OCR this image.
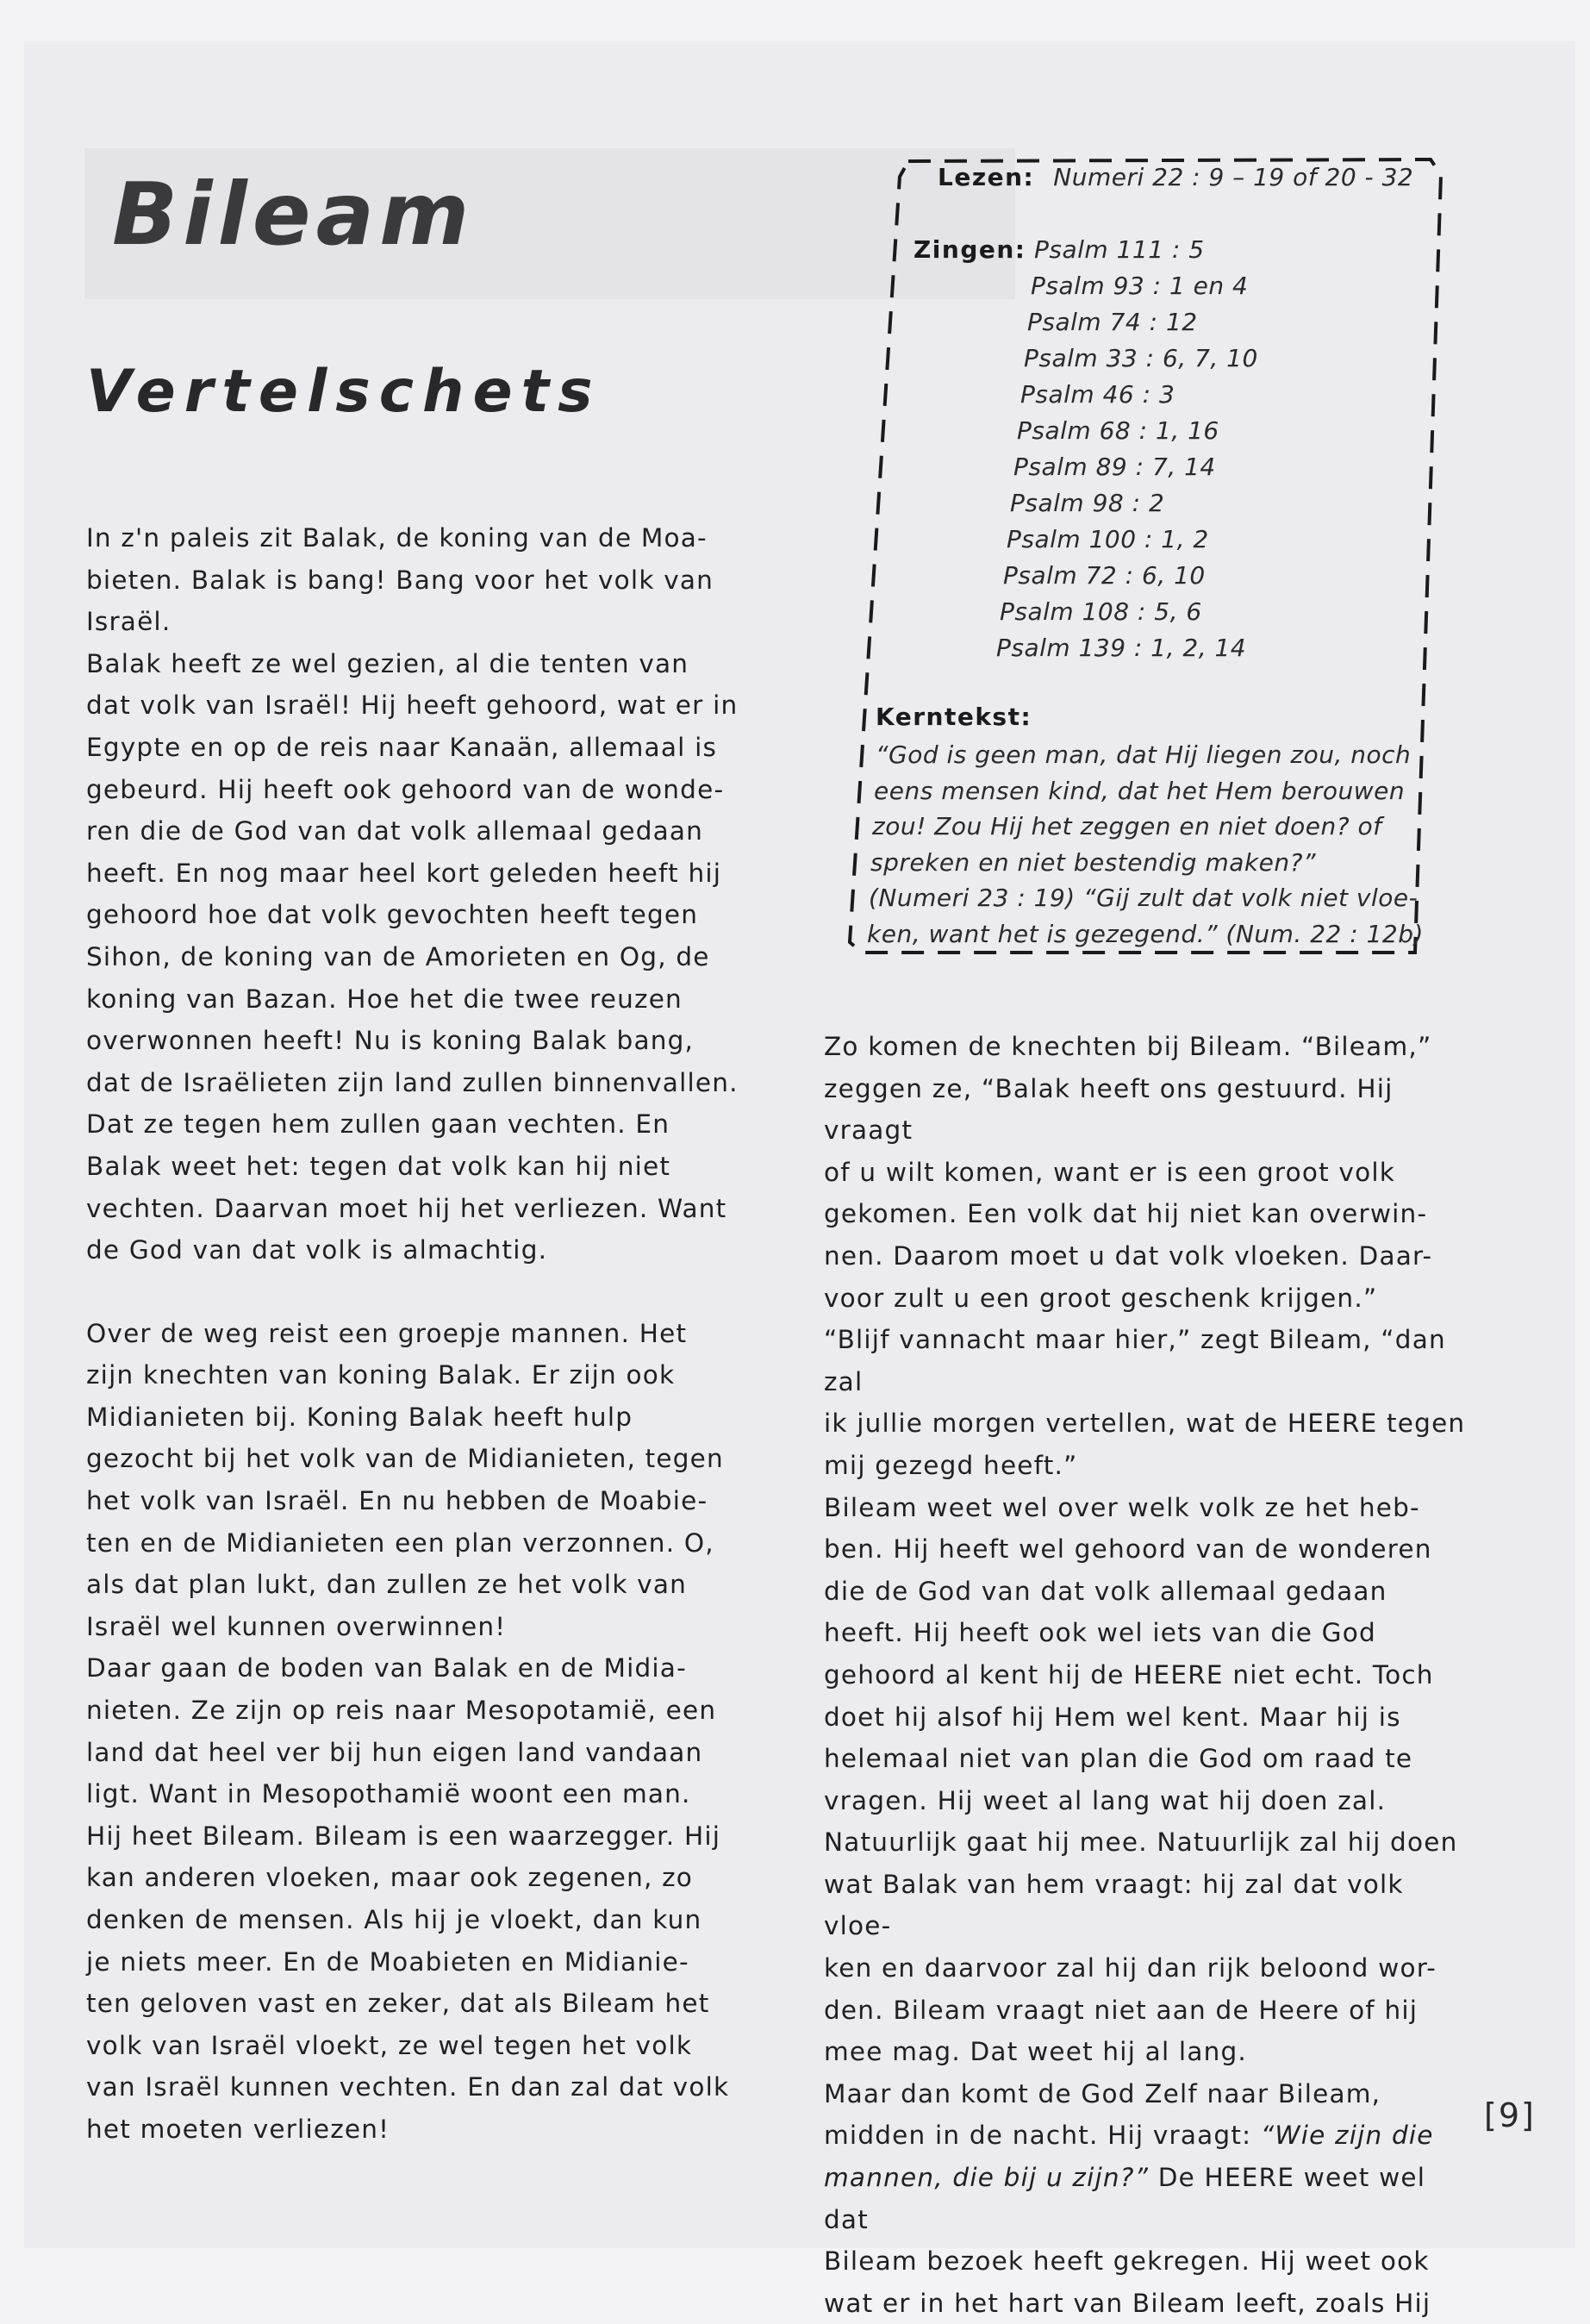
Bileam
Vertelschets
Lezen: Numeri 22 : 9 – 19 of 20 - 32
Zingen: Psalm 111 : 5
Psalm 93 : 1 en 4
Psalm 74 : 12
Psalm 33 : 6, 7, 10
Psalm 46 : 3
Psalm 68 : 1, 16
Psalm 89 : 7, 14
Psalm 98 : 2
Psalm 100 : 1, 2
Psalm 72 : 6, 10
Psalm 108 : 5, 6
Psalm 139 : 1, 2, 14
Kerntekst:
“God is geen man, dat Hij liegen zou, noch
eens mensen kind, dat het Hem berouwen
zou! Zou Hij het zeggen en niet doen? of
spreken en niet bestendig maken?”
(Numeri 23 : 19) “Gij zult dat volk niet vloe-
ken, want het is gezegend.” (Num. 22 : 12b)

In z'n paleis zit Balak, de koning van de Moa-

bieten. Balak is bang! Bang voor het volk van

Israël.

Balak heeft ze wel gezien, al die tenten van

dat volk van Israël! Hij heeft gehoord, wat er in

Egypte en op de reis naar Kanaän, allemaal is

gebeurd. Hij heeft ook gehoord van de wonde-

ren die de God van dat volk allemaal gedaan

heeft. En nog maar heel kort geleden heeft hij

gehoord hoe dat volk gevochten heeft tegen

Sihon, de koning van de Amorieten en Og, de

koning van Bazan. Hoe het die twee reuzen

overwonnen heeft! Nu is koning Balak bang,

dat de Israëlieten zijn land zullen binnenvallen.

Dat ze tegen hem zullen gaan vechten. En

Balak weet het: tegen dat volk kan hij niet

vechten. Daarvan moet hij het verliezen. Want

de God van dat volk is almachtig.

Over de weg reist een groepje mannen. Het

zijn knechten van koning Balak. Er zijn ook

Midianieten bij. Koning Balak heeft hulp

gezocht bij het volk van de Midianieten, tegen

het volk van Israël. En nu hebben de Moabie-

ten en de Midianieten een plan verzonnen. O,

als dat plan lukt, dan zullen ze het volk van

Israël wel kunnen overwinnen!

Daar gaan de boden van Balak en de Midia-

nieten. Ze zijn op reis naar Mesopotamië, een

land dat heel ver bij hun eigen land vandaan

ligt. Want in Mesopothamië woont een man.

Hij heet Bileam. Bileam is een waarzegger. Hij

kan anderen vloeken, maar ook zegenen, zo

denken de mensen. Als hij je vloekt, dan kun

je niets meer. En de Moabieten en Midianie-

ten geloven vast en zeker, dat als Bileam het

volk van Israël vloekt, ze wel tegen het volk

van Israël kunnen vechten. En dan zal dat volk

het moeten verliezen!

Zo komen de knechten bij Bileam. “Bileam,”

zeggen ze, “Balak heeft ons gestuurd. Hij vraagt

of u wilt komen, want er is een groot volk

gekomen. Een volk dat hij niet kan overwin-

nen. Daarom moet u dat volk vloeken. Daar-

voor zult u een groot geschenk krijgen.”

“Blijf vannacht maar hier,” zegt Bileam, “dan zal

ik jullie morgen vertellen, wat de HEERE tegen

mij gezegd heeft.”

Bileam weet wel over welk volk ze het heb-

ben. Hij heeft wel gehoord van de wonderen

die de God van dat volk allemaal gedaan

heeft. Hij heeft ook wel iets van die God

gehoord al kent hij de HEERE niet echt. Toch

doet hij alsof hij Hem wel kent. Maar hij is

helemaal niet van plan die God om raad te

vragen. Hij weet al lang wat hij doen zal.

Natuurlijk gaat hij mee. Natuurlijk zal hij doen

wat Balak van hem vraagt: hij zal dat volk vloe-

ken en daarvoor zal hij dan rijk beloond wor-

den. Bileam vraagt niet aan de Heere of hij

mee mag. Dat weet hij al lang.

Maar dan komt de God Zelf naar Bileam,

midden in de nacht. Hij vraagt: “Wie zijn die

mannen, die bij u zijn?” De HEERE weet wel dat

Bileam bezoek heeft gekregen. Hij weet ook

wat er in het hart van Bileam leeft, zoals Hij

[9]
